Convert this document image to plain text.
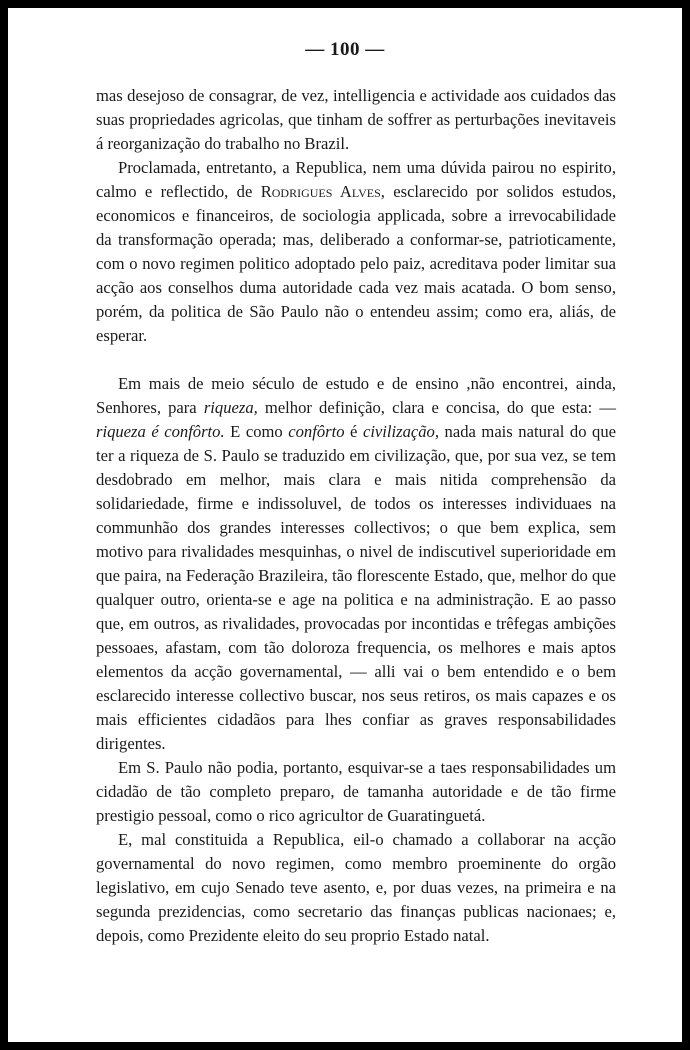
— 100 —

mas desejoso de consagrar, de vez, intelligencia e actividade aos cuidados das suas propriedades agricolas, que tinham de soffrer as perturbações inevitaveis á reorganização do trabalho no Brazil.

Proclamada, entretanto, a Republica, nem uma dúvida pairou no espirito, calmo e reflectido, de Rodrigues Alves, esclarecido por solidos estudos, economicos e financeiros, de sociologia applicada, sobre a irrevocabilidade da transformação operada; mas, deliberado a conformar-se, patrioticamente, com o novo regimen politico adoptado pelo paiz, acreditava poder limitar sua acção aos conselhos duma autoridade cada vez mais acatada. O bom senso, porém, da politica de São Paulo não o entendeu assim; como era, aliás, de esperar.

Em mais de meio século de estudo e de ensino ,não encontrei, ainda, Senhores, para riqueza, melhor definição, clara e concisa, do que esta: — riqueza é confôrto. E como confôrto é civilização, nada mais natural do que ter a riqueza de S. Paulo se traduzido em civilização, que, por sua vez, se tem desdobrado em melhor, mais clara e mais nitida comprehensão da solidariedade, firme e indissoluvel, de todos os interesses individuaes na communhão dos grandes interesses collectivos; o que bem explica, sem motivo para rivalidades mesquinhas, o nivel de indiscutivel superioridade em que paira, na Federação Brazileira, tão florescente Estado, que, melhor do que qualquer outro, orienta-se e age na politica e na administração. E ao passo que, em outros, as rivalidades, provocadas por incontidas e trêfegas ambições pessoaes, afastam, com tão doloroza frequencia, os melhores e mais aptos elementos da acção governamental, — alli vai o bem entendido e o bem esclarecido interesse collectivo buscar, nos seus retiros, os mais capazes e os mais efficientes cidadãos para lhes confiar as graves responsabilidades dirigentes.

Em S. Paulo não podia, portanto, esquivar-se a taes responsabilidades um cidadão de tão completo preparo, de tamanha autoridade e de tão firme prestigio pessoal, como o rico agricultor de Guaratinguetá.

E, mal constituida a Republica, eil-o chamado a collaborar na acção governamental do novo regimen, como membro proeminente do orgão legislativo, em cujo Senado teve asento, e, por duas vezes, na primeira e na segunda prezidencias, como secretario das finanças publicas nacionaes; e, depois, como Prezidente eleito do seu proprio Estado natal.
